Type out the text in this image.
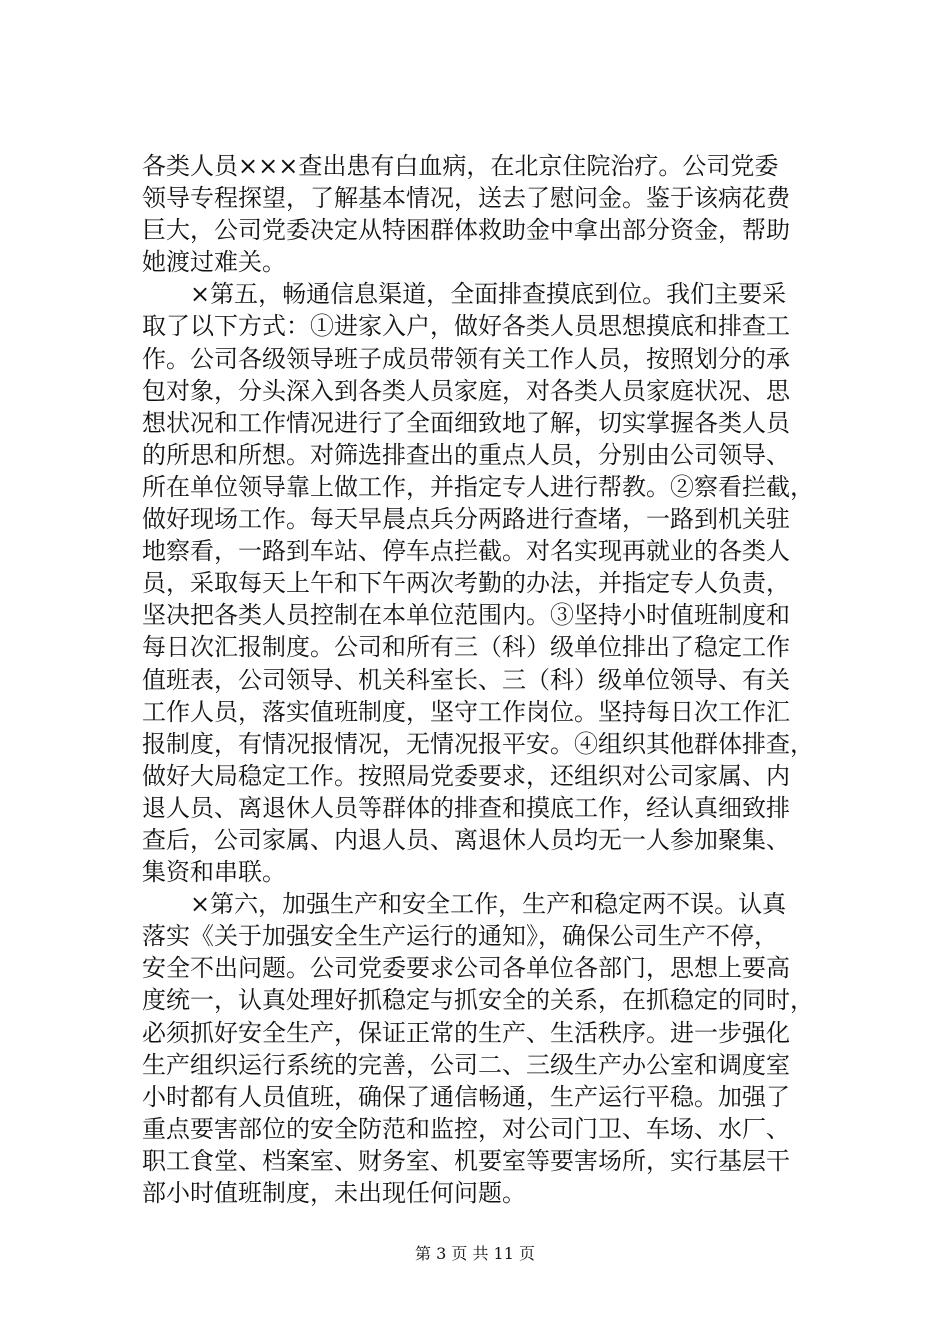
各类人员×××查出患有白血病，在北京住院治疗。公司党委
领导专程探望，了解基本情况，送去了慰问金。鉴于该病花费
巨大，公司党委决定从特困群体救助金中拿出部分资金，帮助
她渡过难关。
×第五，畅通信息渠道，全面排查摸底到位。我们主要采
取了以下方式：①进家入户，做好各类人员思想摸底和排查工
作。公司各级领导班子成员带领有关工作人员，按照划分的承
包对象，分头深入到各类人员家庭，对各类人员家庭状况、思
想状况和工作情况进行了全面细致地了解，切实掌握各类人员
的所思和所想。对筛选排查出的重点人员，分别由公司领导、
所在单位领导靠上做工作，并指定专人进行帮教。②察看拦截，
做好现场工作。每天早晨点兵分两路进行查堵，一路到机关驻
地察看，一路到车站、停车点拦截。对名实现再就业的各类人
员，采取每天上午和下午两次考勤的办法，并指定专人负责，
坚决把各类人员控制在本单位范围内。③坚持小时值班制度和
每日次汇报制度。公司和所有三（科）级单位排出了稳定工作
值班表，公司领导、机关科室长、三（科）级单位领导、有关
工作人员，落实值班制度，坚守工作岗位。坚持每日次工作汇
报制度，有情况报情况，无情况报平安。④组织其他群体排查，
做好大局稳定工作。按照局党委要求，还组织对公司家属、内
退人员、离退休人员等群体的排查和摸底工作，经认真细致排
查后，公司家属、内退人员、离退休人员均无一人参加聚集、
集资和串联。
×第六，加强生产和安全工作，生产和稳定两不误。认真
落实《关于加强安全生产运行的通知》，确保公司生产不停，
安全不出问题。公司党委要求公司各单位各部门，思想上要高
度统一，认真处理好抓稳定与抓安全的关系，在抓稳定的同时，
必须抓好安全生产，保证正常的生产、生活秩序。进一步强化
生产组织运行系统的完善，公司二、三级生产办公室和调度室
小时都有人员值班，确保了通信畅通，生产运行平稳。加强了
重点要害部位的安全防范和监控，对公司门卫、车场、水厂、
职工食堂、档案室、财务室、机要室等要害场所，实行基层干
部小时值班制度，未出现任何问题。
第 3 页 共 11 页
